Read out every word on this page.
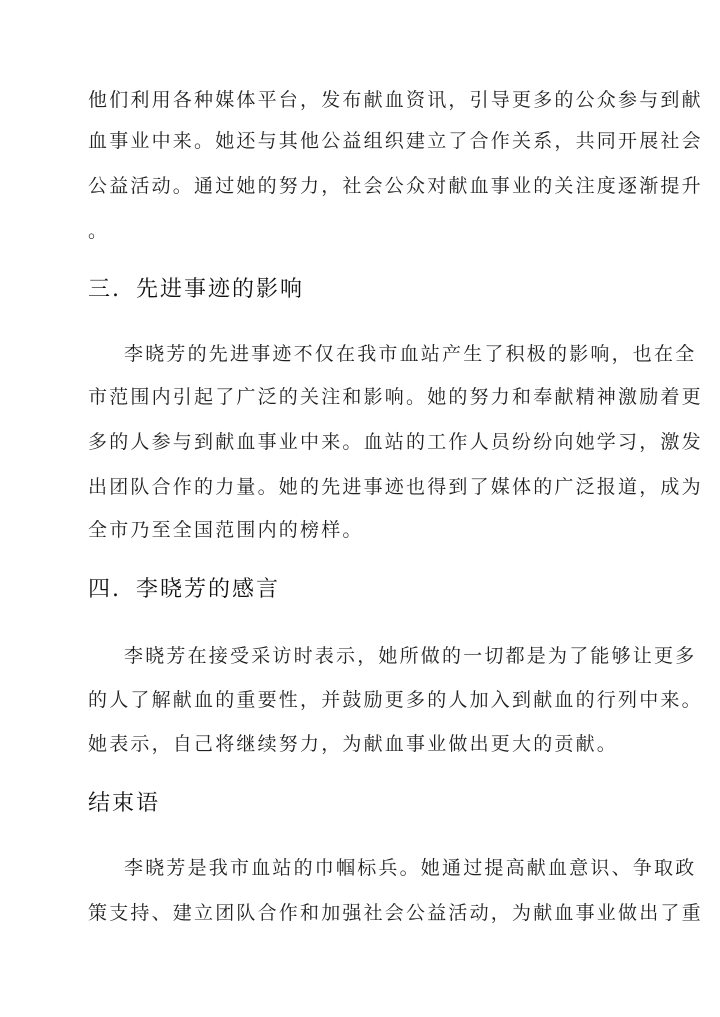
他们利用各种媒体平台，发布献血资讯，引导更多的公众参与到献
血事业中来。她还与其他公益组织建立了合作关系，共同开展社会
公益活动。通过她的努力，社会公众对献血事业的关注度逐渐提升
。
三. 先进事迹的影响
李晓芳的先进事迹不仅在我市血站产生了积极的影响，也在全
市范围内引起了广泛的关注和影响。她的努力和奉献精神激励着更
多的人参与到献血事业中来。血站的工作人员纷纷向她学习，激发
出团队合作的力量。她的先进事迹也得到了媒体的广泛报道，成为
全市乃至全国范围内的榜样。
四. 李晓芳的感言
李晓芳在接受采访时表示，她所做的一切都是为了能够让更多
的人了解献血的重要性，并鼓励更多的人加入到献血的行列中来。
她表示，自己将继续努力，为献血事业做出更大的贡献。
结束语
李晓芳是我市血站的巾帼标兵。她通过提高献血意识、争取政
策支持、建立团队合作和加强社会公益活动，为献血事业做出了重
